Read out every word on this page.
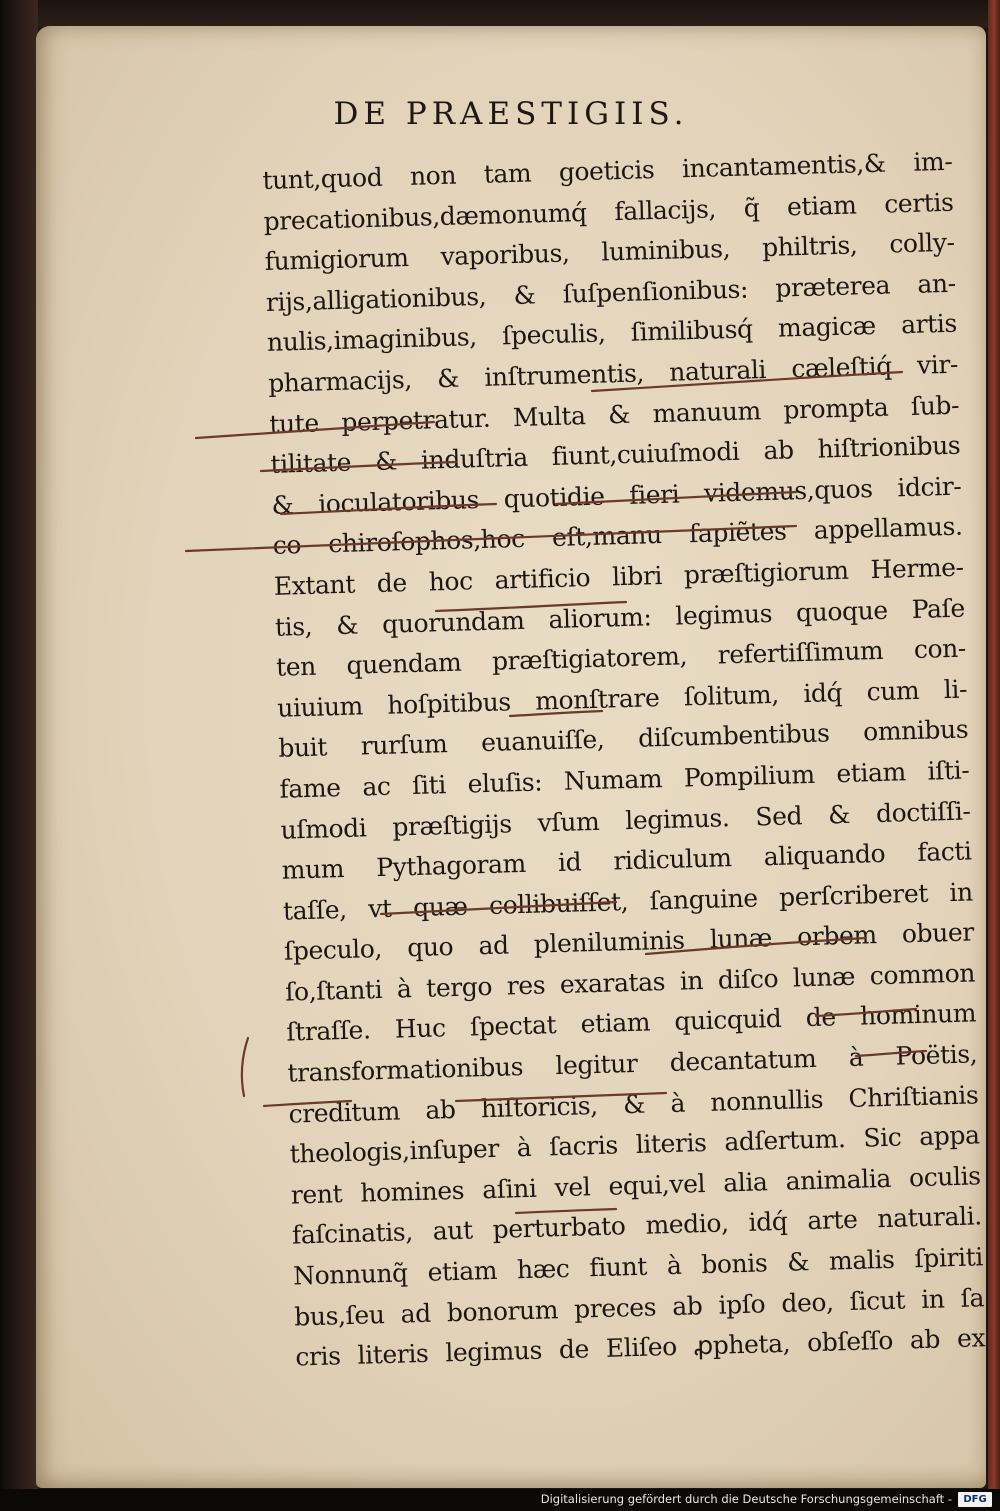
DE PRAESTIGIIS.
tunt,quod non tam goeticis incantamentis,& im-
precationibus,dæmonumq́ fallacijs, q̃ etiam certis
fumigiorum vaporibus, luminibus, philtris, colly-
rijs,alligationibus, & ſuſpenſionibus: præterea an-
nulis,imaginibus, ſpeculis, ſimilibusq́ magicæ artis
pharmacijs, & inſtrumentis, naturali cæleſtiq́ vir-
tute perpetratur. Multa & manuum prompta ſub-
tilitate & induſtria fiunt,cuiuſmodi ab hiſtrionibus
& ioculatoribus quotidie fieri videmus,quos idcir-
co chiroſophos,hoc eſt,manu ſapiẽtes appellamus.
Extant de hoc artificio libri præſtigiorum Herme-
tis, & quorundam aliorum: legimus quoque Paſe
ten quendam præſtigiatorem, refertiſſimum con-
uiuium hoſpitibus monſtrare ſolitum, idq́ cum li-
buit rurſum euanuiſſe, diſcumbentibus omnibus
fame ac ſiti eluſis: Numam Pompilium etiam iſti-
uſmodi præſtigijs vſum legimus. Sed & doctiſſi-
mum Pythagoram id ridiculum aliquando facti
taſſe, vt quæ collibuiſſet, ſanguine perſcriberet in
ſpeculo, quo ad pleniluminis lunæ orbem obuer
ſo,ſtanti à tergo res exaratas in diſco lunæ common
ſtraſſe. Huc ſpectat etiam quicquid de hominum
transformationibus legitur decantatum à Poëtis,
creditum ab hiſtoricis, & à nonnullis Chriſtianis
theologis,inſuper à ſacris literis adſertum. Sic appa
rent homines aſini vel equi,vel alia animalia oculis
faſcinatis, aut perturbato medio, idq́ arte naturali.
Nonnunq̃ etiam hæc fiunt à bonis & malis ſpiriti
bus,ſeu ad bonorum preces ab ipſo deo, ſicut in ſa
cris literis legimus de Eliſeo ꝓpheta, obſeſſo ab ex
Digitalisierung gefördert durch die Deutsche Forschungsgemeinschaft -	DFG
